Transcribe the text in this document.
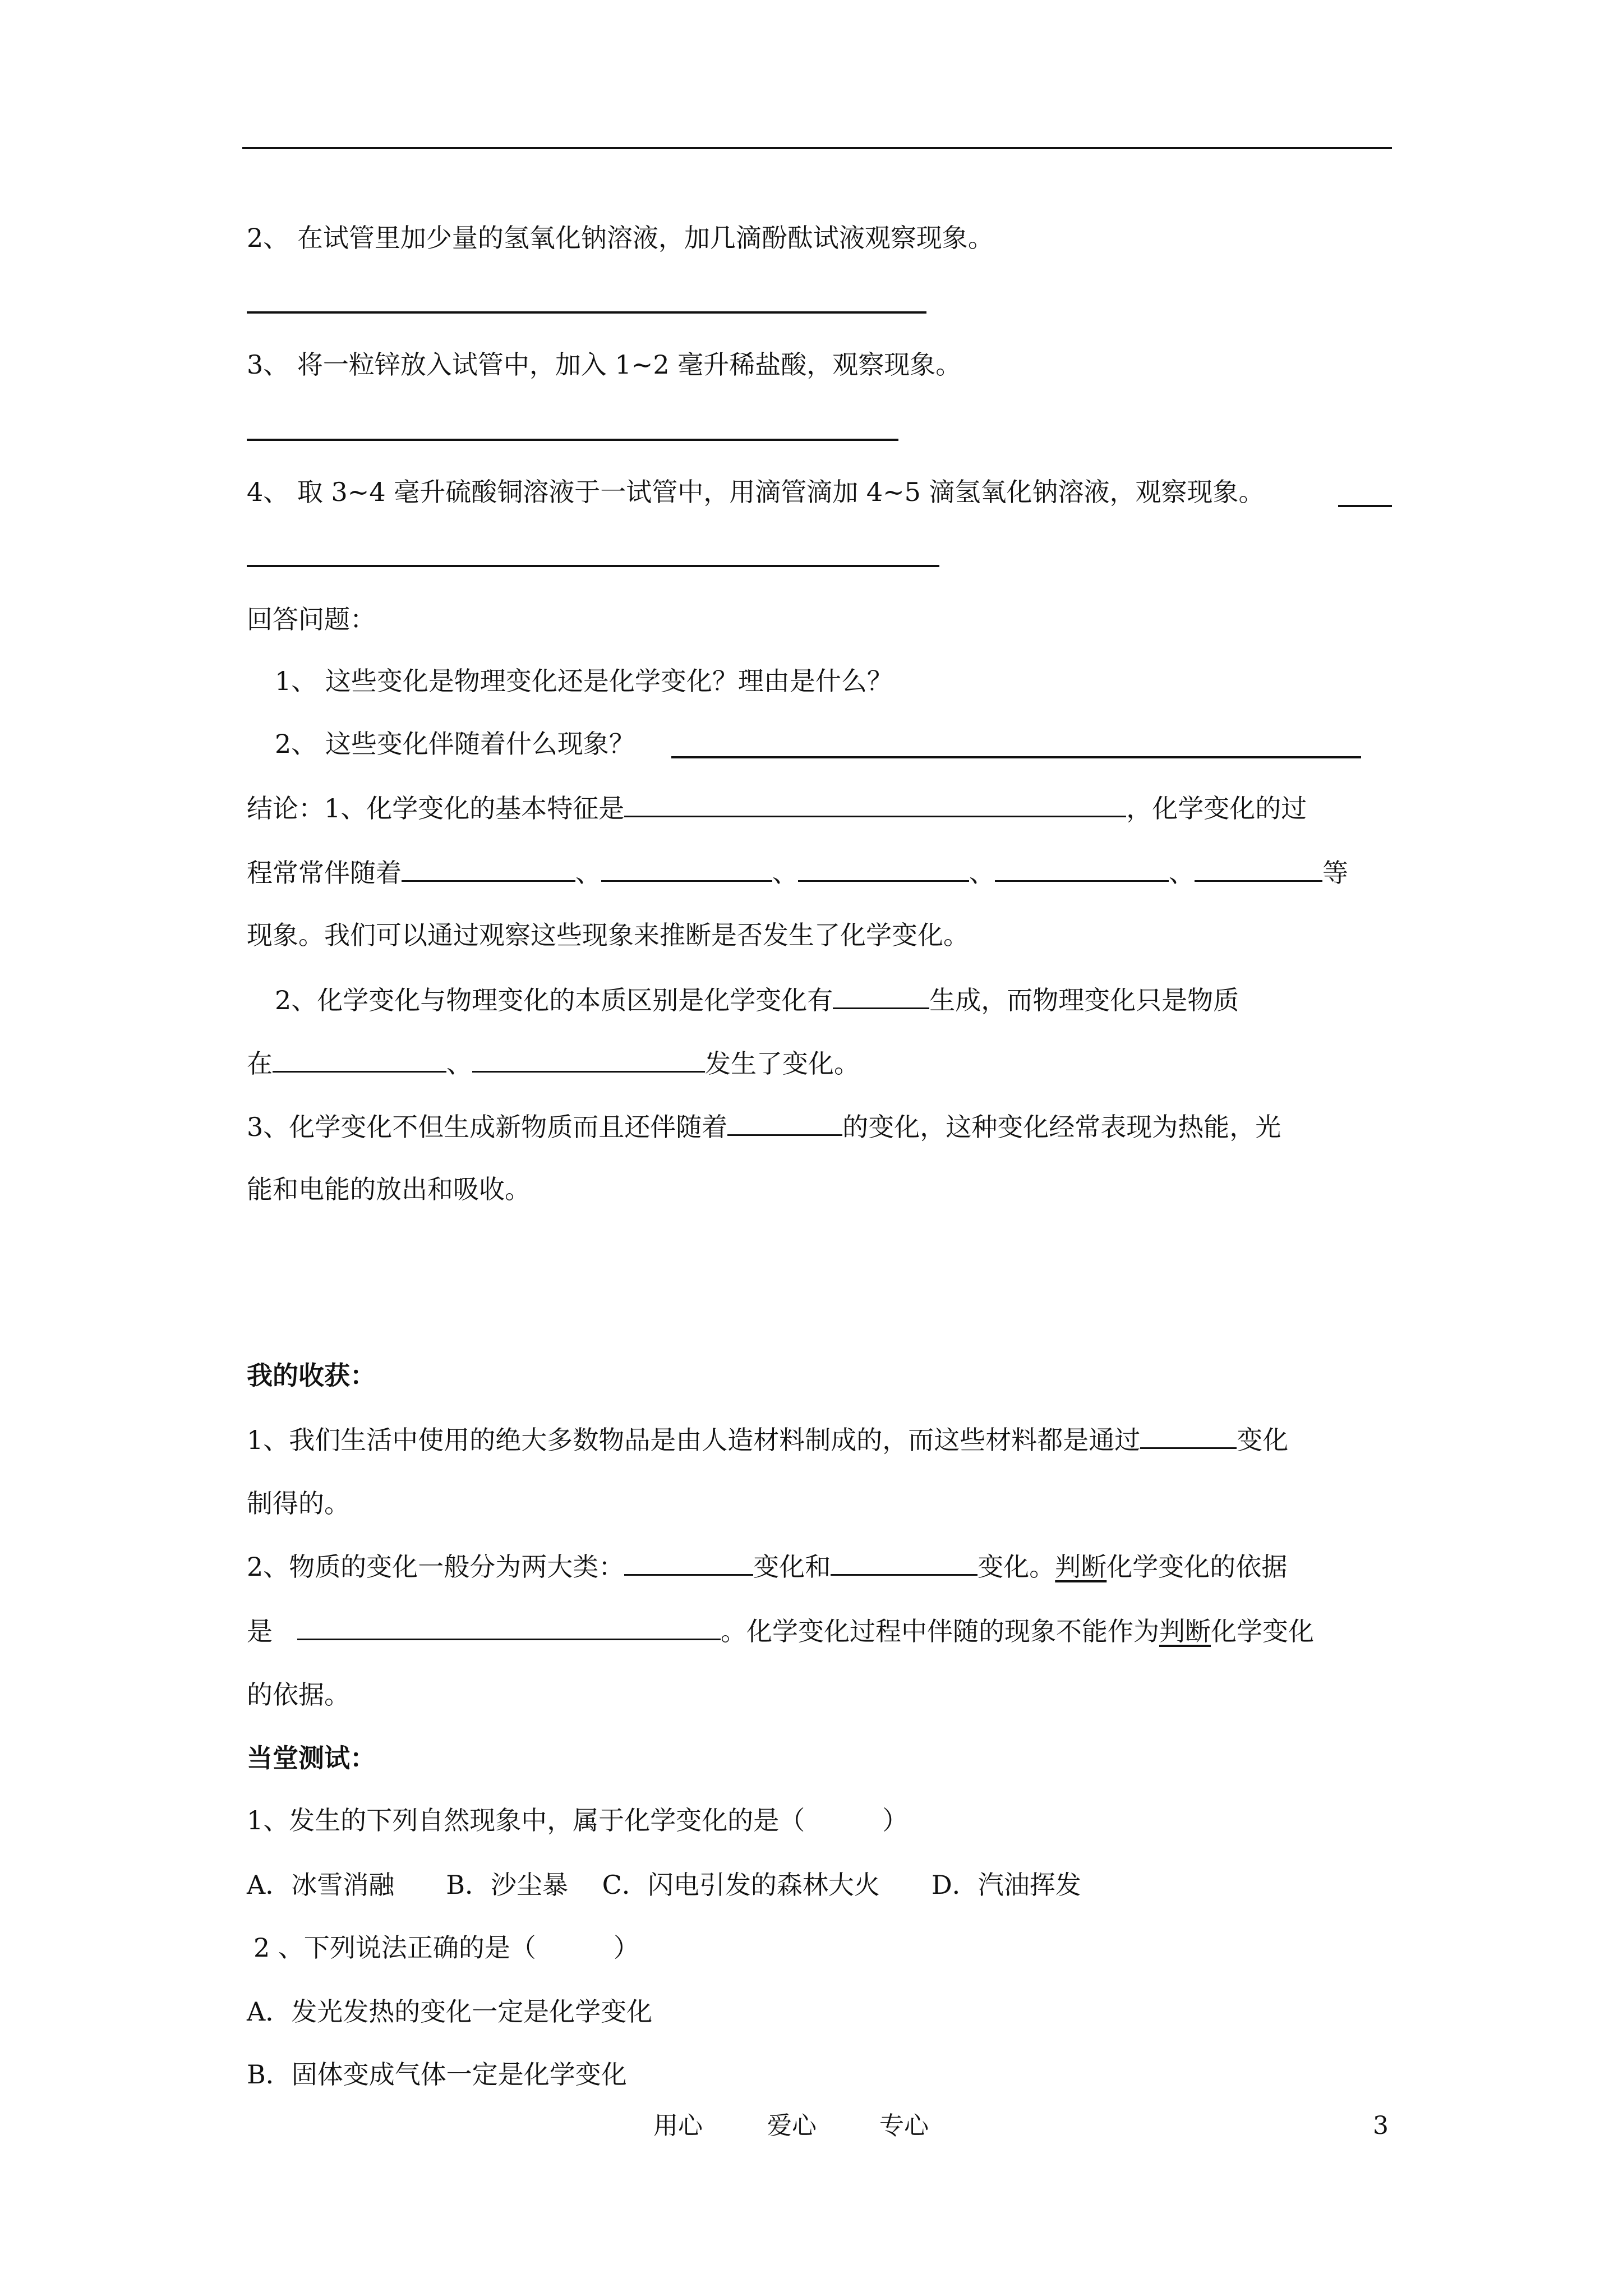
2、 在试管里加少量的氢氧化钠溶液，加几滴酚酞试液观察现象。
3、 将一粒锌放入试管中，加入 1~2 毫升稀盐酸，观察现象。
4、 取 3~4 毫升硫酸铜溶液于一试管中，用滴管滴加 4~5 滴氢氧化钠溶液，观察现象。
回答问题：
1、 这些变化是物理变化还是化学变化？理由是什么？
2、 这些变化伴随着什么现象？
结论：1、化学变化的基本特征是	，化学变化的过
程常常伴随着	、	、	、	、	等
现象。我们可以通过观察这些现象来推断是否发生了化学变化。
2、化学变化与物理变化的本质区别是化学变化有	生成，而物理变化只是物质
在	、	发生了变化。
3、化学变化不但生成新物质而且还伴随着	的变化，这种变化经常表现为热能，光
能和电能的放出和吸收。
我的收获：
1、我们生活中使用的绝大多数物品是由人造材料制成的，而这些材料都是通过	变化
制得的。
2、物质的变化一般分为两大类：	变化和	变化。判断化学变化的依据
是	。化学变化过程中伴随的现象不能作为判断化学变化
的依据。
当堂测试：
1、发生的下列自然现象中，属于化学变化的是（　　　）
A．冰雪消融　　B．沙尘暴　 C．闪电引发的森林大火　　D．汽油挥发
2 、下列说法正确的是（　　　）
A．发光发热的变化一定是化学变化
B．固体变成气体一定是化学变化
用心	爱心	专心	3
